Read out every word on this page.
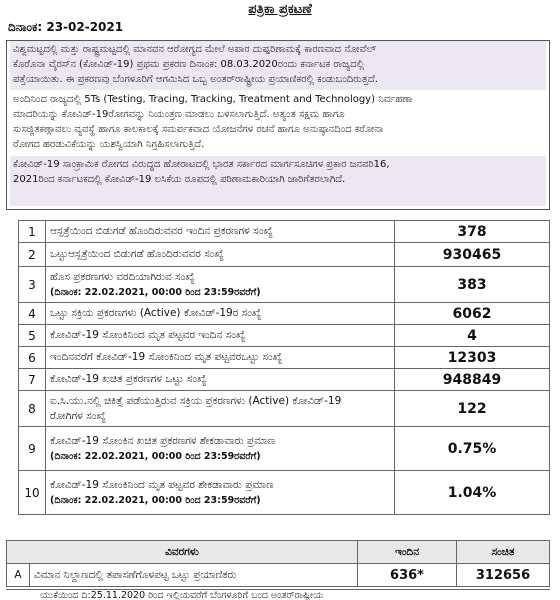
ಪತ್ರಿಕಾ ಪ್ರಕಟಣೆ
ದಿನಾಂಕ: 23-02-2021
ವಿಶ್ವಮಟ್ಟದಲ್ಲಿ ಮತ್ತು ರಾಷ್ಟ್ರಮಟ್ಟದಲ್ಲಿ ಮಾನವನ ಆರೋಗ್ಯದ ಮೇಲೆ ಅಪಾರ ದುಷ್ಪರಿಣಾಮಕ್ಕೆ ಕಾರಣವಾದ ನೋವೆಲ್
ಕೊರೊನಾ ವೈರಸ್‌ನ (ಕೋವಿಡ್-19) ಪ್ರಥಮ ಪ್ರಕರಣ ದಿನಾಂಕ: 08.03.2020ರಂದು ಕರ್ನಾಟಕ ರಾಜ್ಯದಲ್ಲಿ
ಪತ್ತೆಯಾಯಿತು. ಈ ಪ್ರಕರಣವು ಬೆಂಗಳೂರಿಗೆ ಆಗಮಿಸಿದ ಒಬ್ಬ ಅಂತರ್‌ರಾಷ್ಟ್ರೀಯ ಪ್ರಯಾಣಿಕರಲ್ಲಿ ಕಂಡುಬಂದಿರುತ್ತದೆ.
ಅಂದಿನಿಂದ ರಾಜ್ಯದಲ್ಲಿ 5Ts (Testing, Tracing, Tracking, Treatment and Technology) ನಿರ್ವಹಣಾ
ಮಾದರಿಯನ್ನು ಕೋವಿಡ್-19ರೋಗವನ್ನು ನಿಯಂತ್ರಣ ಮಾಡಲು ಬಳಸಲಾಗುತ್ತಿದೆ. ಅತ್ಯಂತ ಸಕ್ಷಮ ಹಾಗೂ
ಸುಸಜ್ಜಿತಕಣ್ಗಾವಲು ವ್ಯವಸ್ಥೆ ಹಾಗೂ ಕಾಲಕಾಲಕ್ಕೆ ಸಮರ್ಪಕವಾದ ಯೋಜನೆಗಳ ರಚನೆ ಹಾಗೂ ಅನುಷ್ಠಾನದಿಂದ ಕರೋನಾ
ರೋಗದ ಹರಡುವಿಕೆಯನ್ನು ಯಶಸ್ವಿಯಾಗಿ ನಿಗ್ರಹಿಸಲಾಗುತ್ತಿದೆ.
ಕೋವಿಡ್-19 ಸಾಂಕ್ರಾಮಿಕ ರೋಗದ ವಿರುದ್ಧದ ಹೋರಾಟದಲ್ಲಿ ಭಾರತ ಸರ್ಕಾರದ ಮಾರ್ಗಸೂಚಿಗಳ ಪ್ರಕಾರ ಜನವರಿ16,
2021ರಿಂದ ಕರ್ನಾಟಕದಲ್ಲಿ ಕೋವಿಡ್-19 ಲಸಿಕೆಯ ರೂಪದಲ್ಲಿ ಪರಿಣಾಮಕಾರಿಯಾಗಿ ಜಾರಿಗೆತರಲಾಗಿದೆ.
1	ಆಸ್ಪತ್ರೆಯಿಂದ ಬಿಡುಗಡೆ ಹೊಂದಿರುವವರ ಇಂದಿನ ಪ್ರಕರಣಗಳ ಸಂಖ್ಯೆ	378
2	ಒಟ್ಟುಆಸ್ಪತ್ರೆಯಿಂದ ಬಿಡುಗಡೆ ಹೊಂದಿರುವವರ ಸಂಖ್ಯೆ	930465
3	ಹೊಸ ಪ್ರಕರಣಗಳು ವರದಿಯಾಗಿರುವ ಸಂಖ್ಯೆ
(ದಿನಾಂಕ: 22.02.2021, 00:00 ರಿಂದ 23:59ರವರೆಗೆ)	383
4	ಒಟ್ಟು ಸಕ್ರಿಯ ಪ್ರಕರಣಗಳು (Active) ಕೋವಿಡ್-19ರ ಸಂಖ್ಯೆ	6062
5	ಕೋವಿಡ್-19 ಸೋಂಕಿನಿಂದ ಮೃತ ಪಟ್ಟವರ ಇಂದಿನ ಸಂಖ್ಯೆ	4
6	ಇಂದಿನವರೆಗೆ ಕೋವಿಡ್-19 ಸೋಂಕಿನಿಂದ ಮೃತ ಪಟ್ಟವರಒಟ್ಟು ಸಂಖ್ಯೆ	12303
7	ಕೋವಿಡ್-19 ಖಚಿತ ಪ್ರಕರಣಗಳ ಒಟ್ಟು ಸಂಖ್ಯೆ	948849
8	ಐ.ಸಿ.ಯು.ನಲ್ಲಿ ಚಿಕಿತ್ಸೆ ಪಡೆಯುತ್ತಿರುವ ಸಕ್ರಿಯ ಪ್ರಕರಣಗಳು (Active) ಕೋವಿಡ್-19
ರೋಗಿಗಳ ಸಂಖ್ಯೆ	122
9	ಕೋವಿಡ್-19 ಸೋಂಕಿನ ಖಚಿತ ಪ್ರಕರಣಗಳ ಶೇಕಡಾವಾರು ಪ್ರಮಾಣ
(ದಿನಾಂಕ: 22.02.2021, 00:00 ರಿಂದ 23:59ರವರೆಗೆ)	0.75%
10	ಕೋವಿಡ್-19 ಸೋಂಕಿನಿಂದ ಮೃತ ಪಟ್ಟವರ ಶೇಕಡಾವಾರು ಪ್ರಮಾಣ
(ದಿನಾಂಕ: 22.02.2021, 00:00 ರಿಂದ 23:59ರವರೆಗೆ)	1.04%
ವಿವರಗಳು		ಇಂದಿನ	ಸಂಚಿತ
A	ವಿಮಾನ ನಿಲ್ದಾಣದಲ್ಲಿ ತಪಾಸಣೆಗೊಳಪಟ್ಟ ಒಟ್ಟು ಪ್ರಯಾಣಿಕರು	636*	312656
ಯುಕೆಯಿಂದ ದಿ:25.11.2020 ರಿಂದ ಇಲ್ಲಿಯವರೆಗೆ ಬೆಂಗಳೂರಿಗೆ ಬಂದ ಅಂತರ್‌ರಾಷ್ಟ್ರೀಯ
